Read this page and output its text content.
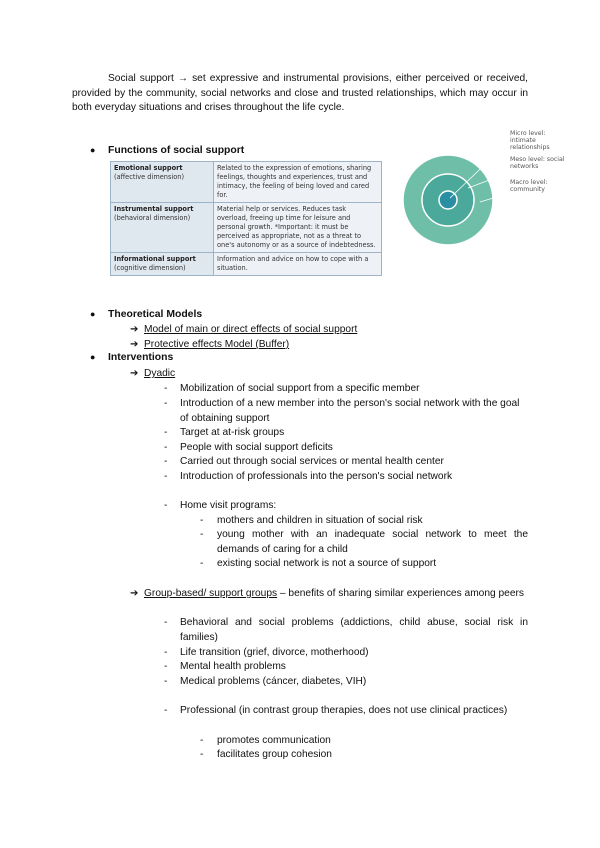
Social support → set expressive and instrumental provisions, either perceived or received, provided by the community, social networks and close and trusted relationships, which may occur in both everyday situations and crises throughout the life cycle.
Micro level: intimate relationships
Meso level: social networks
Macro level: community
● Functions of social support
Emotional support
(affective dimension)	Related to the expression of emotions, sharing feelings, thoughts and experiences, trust and intimacy, the feeling of being loved and cared for.

Instrumental support
(behavioral dimension)	Material help or services. Reduces task overload, freeing up time for leisure and personal growth. *Important: it must be perceived as appropriate, not as a threat to one's autonomy or as a source of indebtedness.

Informational support
(cognitive dimension)	Information and advice on how to cope with a situation.
● Theoretical Models
➔ Model of main or direct effects of social support
➔ Protective effects Model (Buffer)
● Interventions
➔ Dyadic
- Mobilization of social support from a specific member
- Introduction of a new member into the person's social network with the goal of obtaining support
- Target at at-risk groups
- People with social support deficits
- Carried out through social services or mental health center
- Introduction of professionals into the person's social network
- Home visit programs:
- mothers and children in situation of social risk
- young mother with an inadequate social network to meet the demands of caring for a child
- existing social network is not a source of support
➔ Group-based/ support groups – benefits of sharing similar experiences among peers
- Behavioral and social problems (addictions, child abuse, social risk in families)
- Life transition (grief, divorce, motherhood)
- Mental health problems
- Medical problems (cáncer, diabetes, VIH)
- Professional (in contrast group therapies, does not use clinical practices)
- promotes communication
- facilitates group cohesion
